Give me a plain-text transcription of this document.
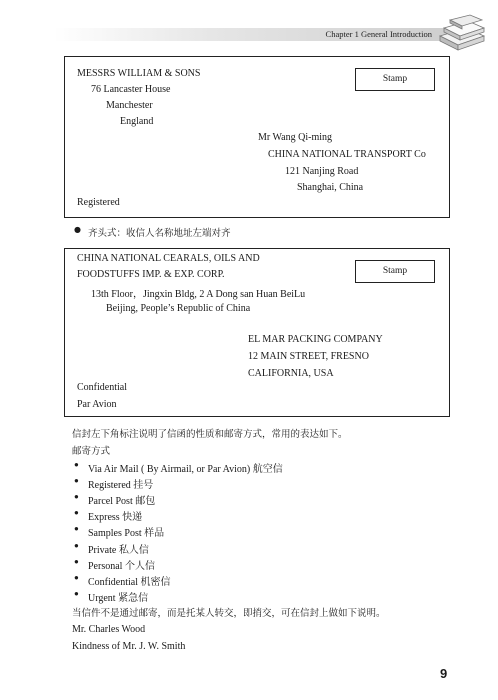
Chapter 1 General Introduction
Stamp
MESSRS WILLIAM & SONS
76 Lancaster House
Manchester
England
Mr Wang Qi-ming
CHINA NATIONAL TRANSPORT Co
121 Nanjing Road
Shanghai, China
Registered
● 齐头式：收信人名称地址左端对齐
Stamp
CHINA NATIONAL CEARALS, OILS AND
FOODSTUFFS IMP. & EXP. CORP.
13th Floor，Jingxin Bldg, 2 A Dong san Huan BeiLu
Beijing, People’s Republic of China
EL MAR PACKING COMPANY
12 MAIN STREET, FRESNO
CALIFORNIA, USA
Confidential
Par Avion
信封左下角标注说明了信函的性质和邮寄方式，常用的表达如下。
邮寄方式
● Via Air Mail ( By Airmail, or Par Avion) 航空信
● Registered 挂号
● Parcel Post 邮包
● Express 快递
● Samples Post 样品
● Private 私人信
● Personal 个人信
● Confidential 机密信
● Urgent 紧急信
当信件不是通过邮寄，而是托某人转交，即捎交，可在信封上做如下说明。
Mr. Charles Wood
Kindness of Mr. J. W. Smith
9
